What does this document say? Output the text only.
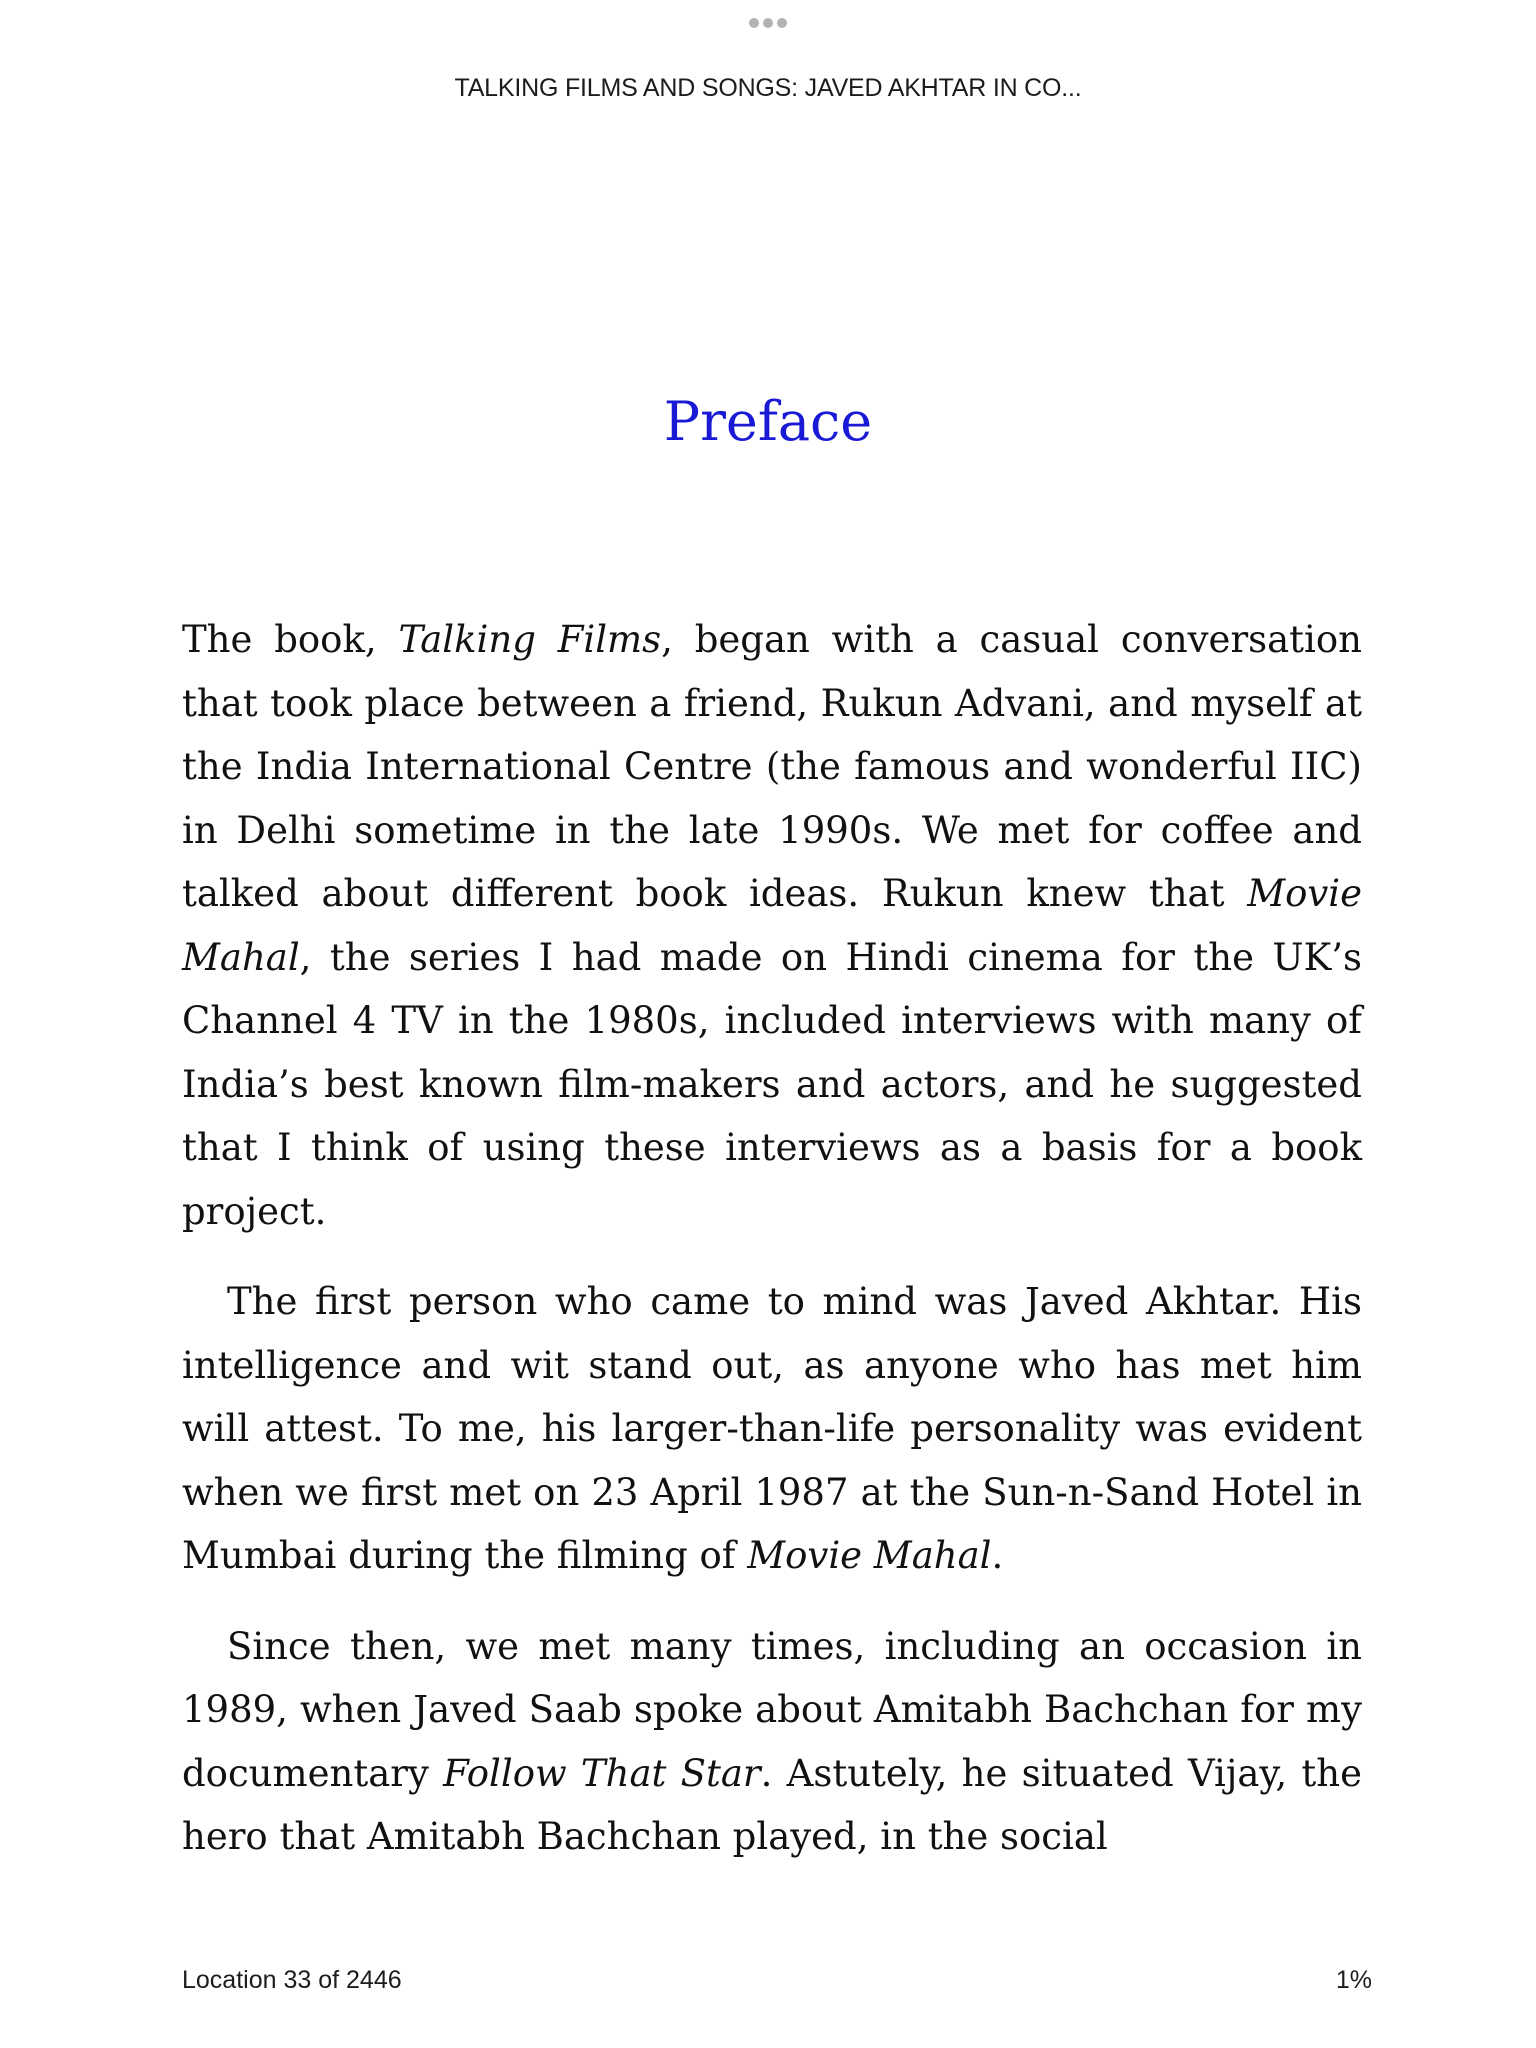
TALKING FILMS AND SONGS: JAVED AKHTAR IN CO...
Preface

The book, Talking Films, began with a casual conversation that took place between a friend, Rukun Advani, and myself at the India International Centre (the famous and wonderful IIC) in Delhi sometime in the late 1990s. We met for coffee and talked about different book ideas. Rukun knew that Movie Mahal, the series I had made on Hindi cinema for the UK’s Channel 4 TV in the 1980s, included interviews with many of India’s best known film-makers and actors, and he suggested that I think of using these interviews as a basis for a book project.

The first person who came to mind was Javed Akhtar. His intelligence and wit stand out, as anyone who has met him will attest. To me, his larger-than-life personality was evident when we first met on 23 April 1987 at the Sun-n-Sand Hotel in Mumbai during the filming of Movie Mahal.

Since then, we met many times, including an occasion in 1989, when Javed Saab spoke about Amitabh Bachchan for my documentary Follow That Star. Astutely, he situated Vijay, the hero that Amitabh Bachchan played, in the social

Location 33 of 2446	1%
